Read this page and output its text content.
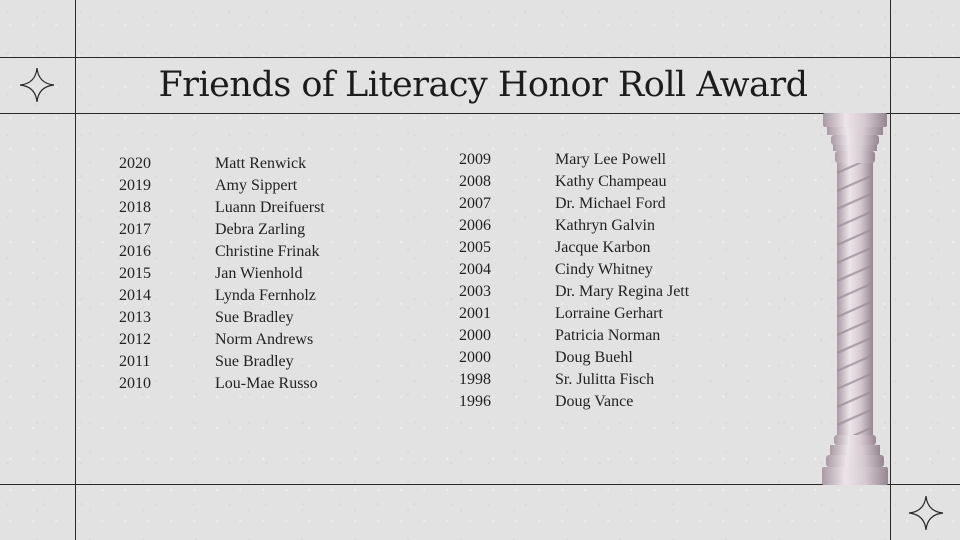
Friends of Literacy Honor Roll Award
2020	Matt Renwick
2019	Amy Sippert
2018	Luann Dreifuerst
2017	Debra Zarling
2016	Christine Frinak
2015	Jan Wienhold
2014	Lynda Fernholz
2013	Sue Bradley
2012	Norm Andrews
2011	Sue Bradley
2010	Lou-Mae Russo
2009	Mary Lee Powell
2008	Kathy Champeau
2007	Dr. Michael Ford
2006	Kathryn Galvin
2005	Jacque Karbon
2004	Cindy Whitney
2003	Dr. Mary Regina Jett
2001	Lorraine Gerhart
2000	Patricia Norman
2000	Doug Buehl
1998	Sr. Julitta Fisch
1996	Doug Vance
